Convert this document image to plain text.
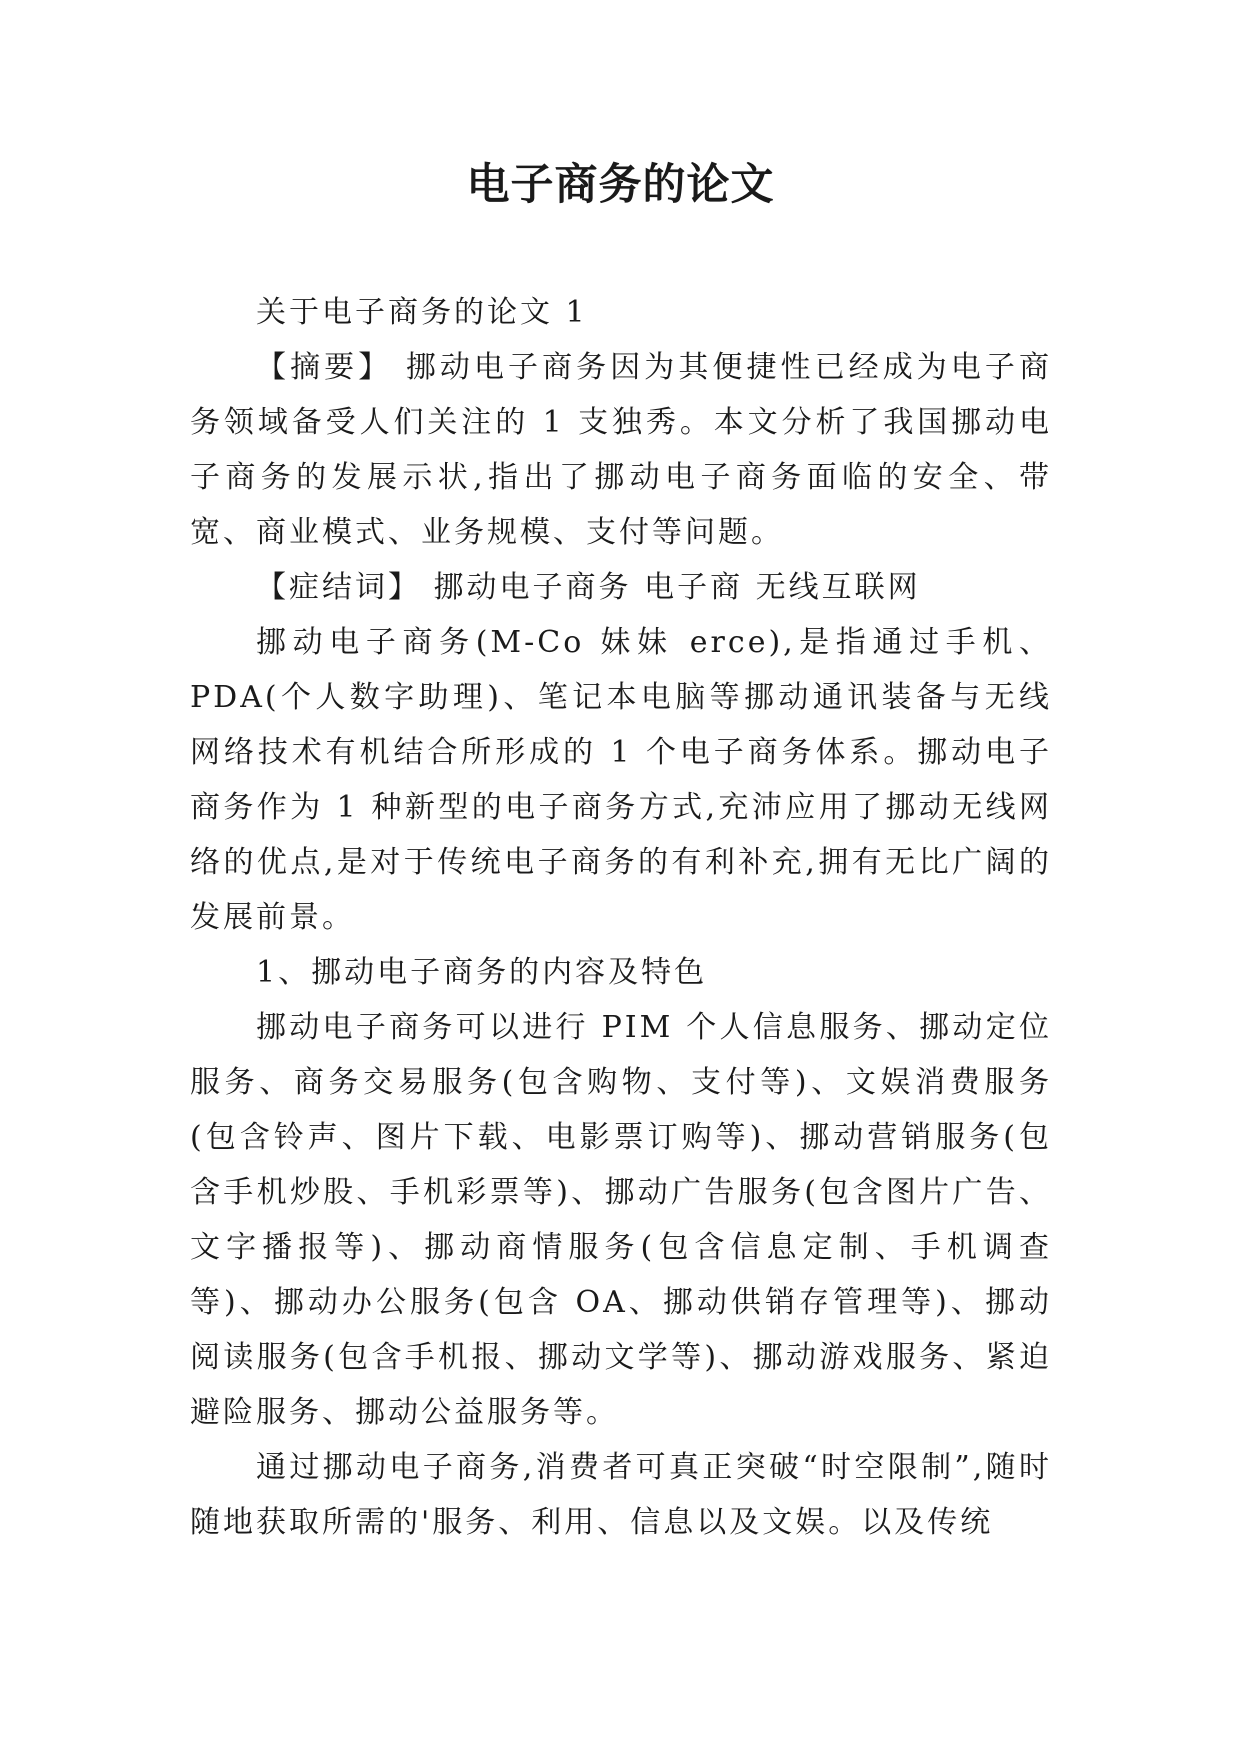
电子商务的论文

关于电子商务的论文 1

【摘要】 挪动电子商务因为其便捷性已经成为电子商务领域备受人们关注的 1 支独秀。本文分析了我国挪动电子商务的发展示状,指出了挪动电子商务面临的安全、带宽、商业模式、业务规模、支付等问题。

【症结词】 挪动电子商务 电子商 无线互联网

挪动电子商务(M-Co 妹妹 erce),是指通过手机、PDA(个人数字助理)、笔记本电脑等挪动通讯装备与无线网络技术有机结合所形成的 1 个电子商务体系。挪动电子商务作为 1 种新型的电子商务方式,充沛应用了挪动无线网络的优点,是对于传统电子商务的有利补充,拥有无比广阔的发展前景。

1、挪动电子商务的内容及特色

挪动电子商务可以进行 PIM 个人信息服务、挪动定位服务、商务交易服务(包含购物、支付等)、文娱消费服务(包含铃声、图片下载、电影票订购等)、挪动营销服务(包含手机炒股、手机彩票等)、挪动广告服务(包含图片广告、文字播报等)、挪动商情服务(包含信息定制、手机调查等)、挪动办公服务(包含 OA、挪动供销存管理等)、挪动阅读服务(包含手机报、挪动文学等)、挪动游戏服务、紧迫避险服务、挪动公益服务等。

通过挪动电子商务,消费者可真正突破“时空限制”,随时随地获取所需的'服务、利用、信息以及文娱。以及传统
